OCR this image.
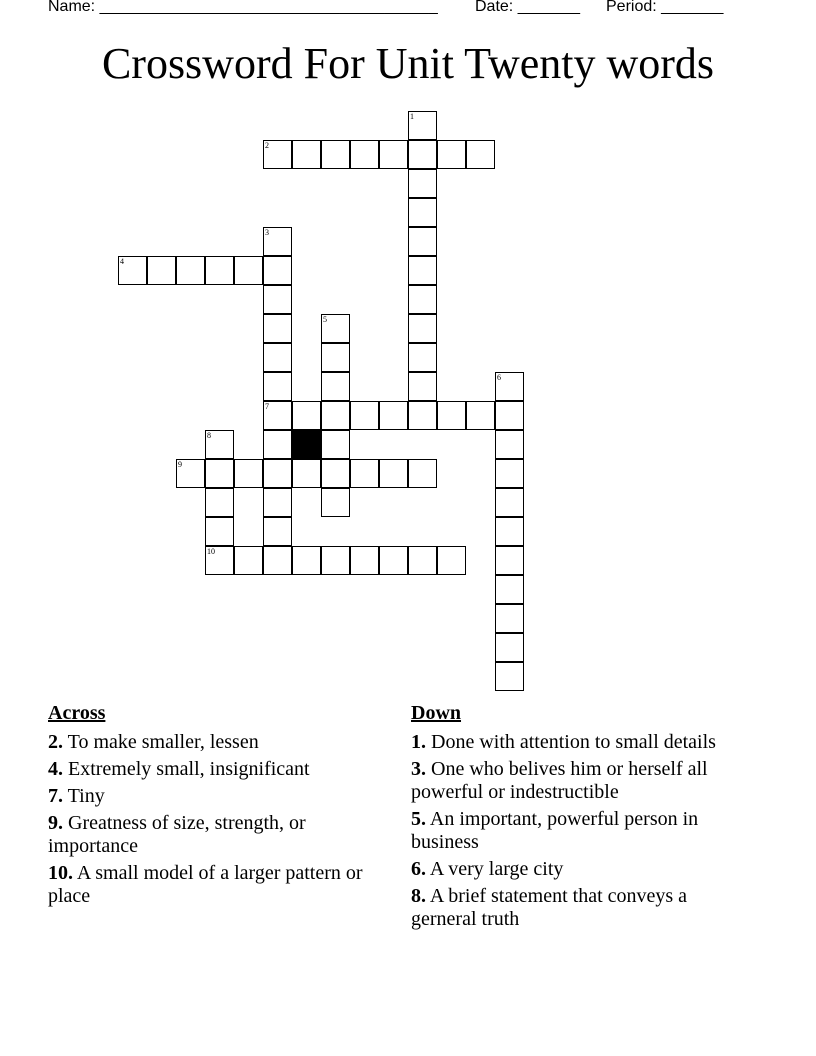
Name: ______________________________________ Date: _______ Period: _______
Crossword For Unit Twenty words
1
2
3
7
4
5
6
8
10
9
Across
2. To make smaller, lessen
4. Extremely small, insignificant
7. Tiny
9. Greatness of size, strength, or importance
10. A small model of a larger pattern or place
Down
1. Done with attention to small details
3. One who belives him or herself all powerful or indestructible
5. An important, powerful person in business
6. A very large city
8. A brief statement that conveys a gerneral truth
